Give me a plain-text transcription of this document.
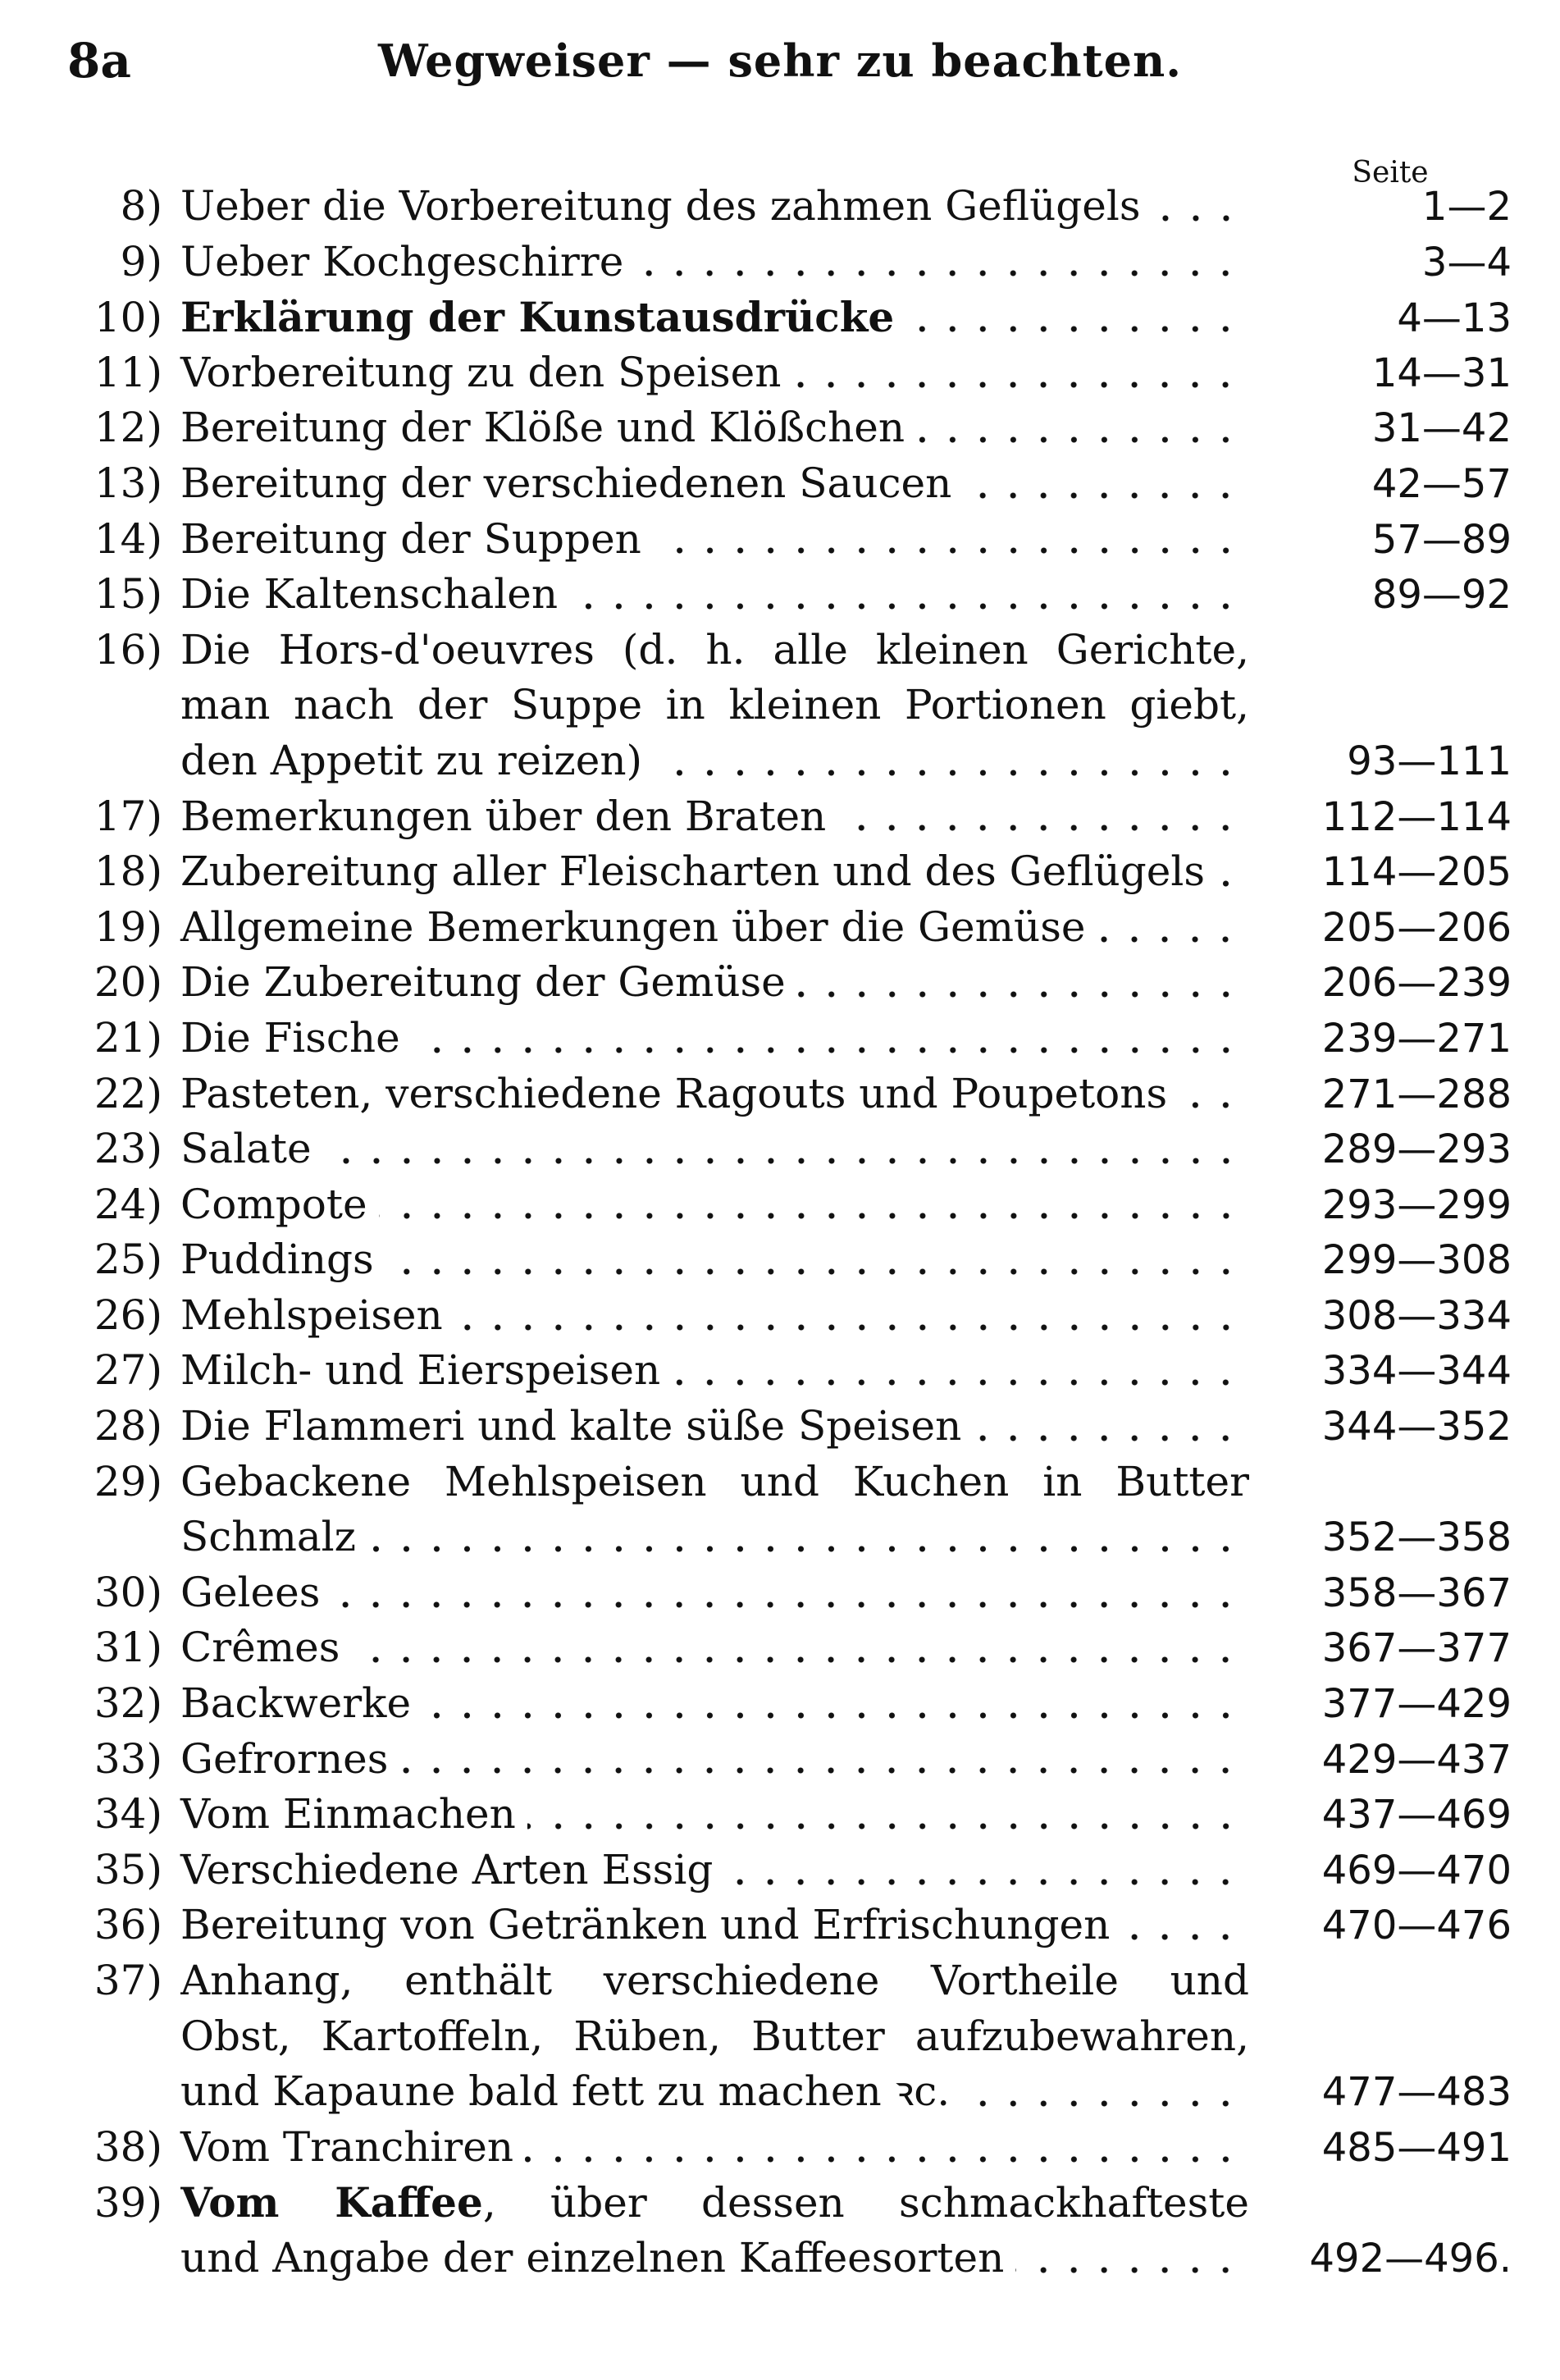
8a	Wegweiser — sehr zu beachten.
Seite
8) Ueber die Vorbereitung des zahmen Geflügels	1—2
9) Ueber Kochgeschirre	3—4
10) Erklärung der Kunstausdrücke	4—13
11) Vorbereitung zu den Speisen	14—31
12) Bereitung der Klöße und Klößchen	31—42
13) Bereitung der verschiedenen Saucen	42—57
14) Bereitung der Suppen	57—89
15) Die Kaltenschalen	89—92
16) Die Hors-d'oeuvres (d. h. alle kleinen Gerichte,
man nach der Suppe in kleinen Portionen giebt,
den Appetit zu reizen)	93—111
17) Bemerkungen über den Braten	112—114
18) Zubereitung aller Fleischarten und des Geflügels	114—205
19) Allgemeine Bemerkungen über die Gemüse	205—206
20) Die Zubereitung der Gemüse	206—239
21) Die Fische	239—271
22) Pasteten, verschiedene Ragouts und Poupetons	271—288
23) Salate	289—293
24) Compote	293—299
25) Puddings	299—308
26) Mehlspeisen	308—334
27) Milch- und Eierspeisen	334—344
28) Die Flammeri und kalte süße Speisen	344—352
29) Gebackene Mehlspeisen und Kuchen in Butter
Schmalz	352—358
30) Gelees	358—367
31) Crêmes	367—377
32) Backwerke	377—429
33) Gefrornes	429—437
34) Vom Einmachen	437—469
35) Verschiedene Arten Essig	469—470
36) Bereitung von Getränken und Erfrischungen	470—476
37) Anhang, enthält verschiedene Vortheile und
Obst, Kartoffeln, Rüben, Butter aufzubewahren,
und Kapaune bald fett zu machen ꝛc.	477—483
38) Vom Tranchiren	485—491
39) Vom Kaffee, über dessen schmackhafteste
und Angabe der einzelnen Kaffeesorten	492—496.
